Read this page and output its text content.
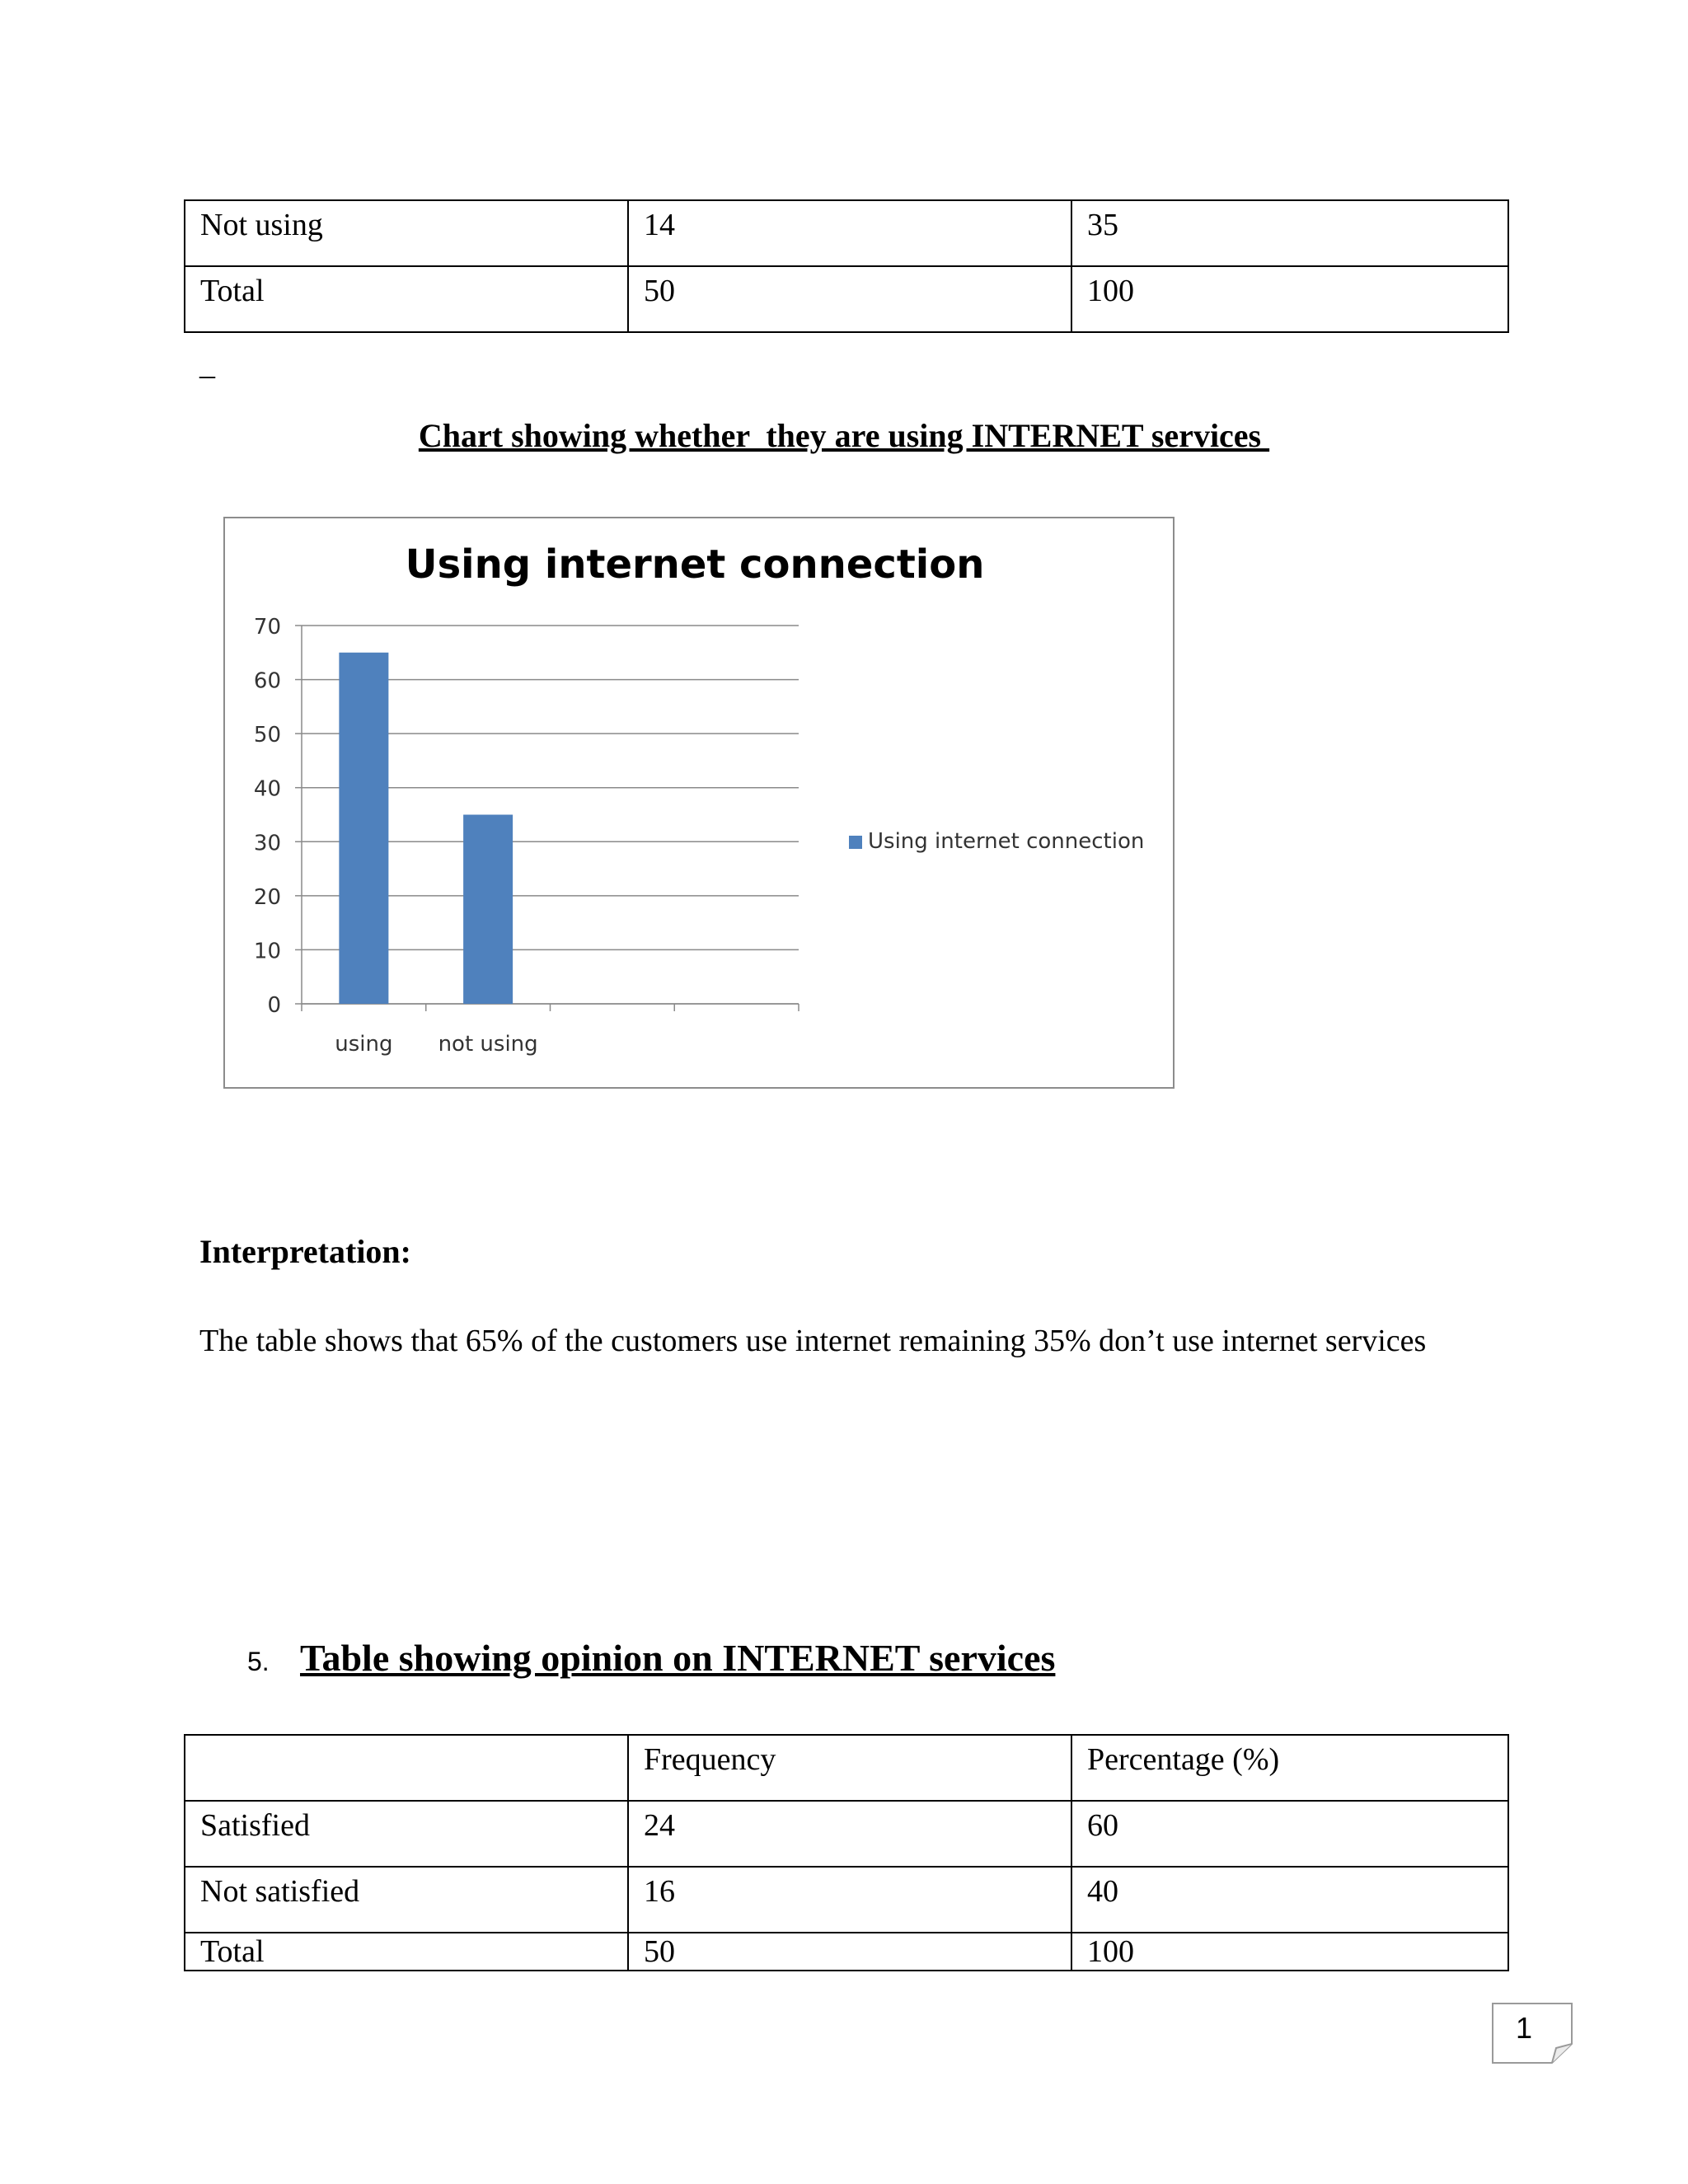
Not using	14	35
Total	50	100
_
Chart showing whether  they are using INTERNET services
Using internet connection
0
10
20
30
40
50
60
70
using not using
Using internet connection
Interpretation:
The table shows that 65% of the customers use internet remaining 35% don’t use internet services
5. Table showing opinion on INTERNET services
	Frequency	Percentage (%)
Satisfied	24	60
Not satisfied	16	40
Total	50	100
1
